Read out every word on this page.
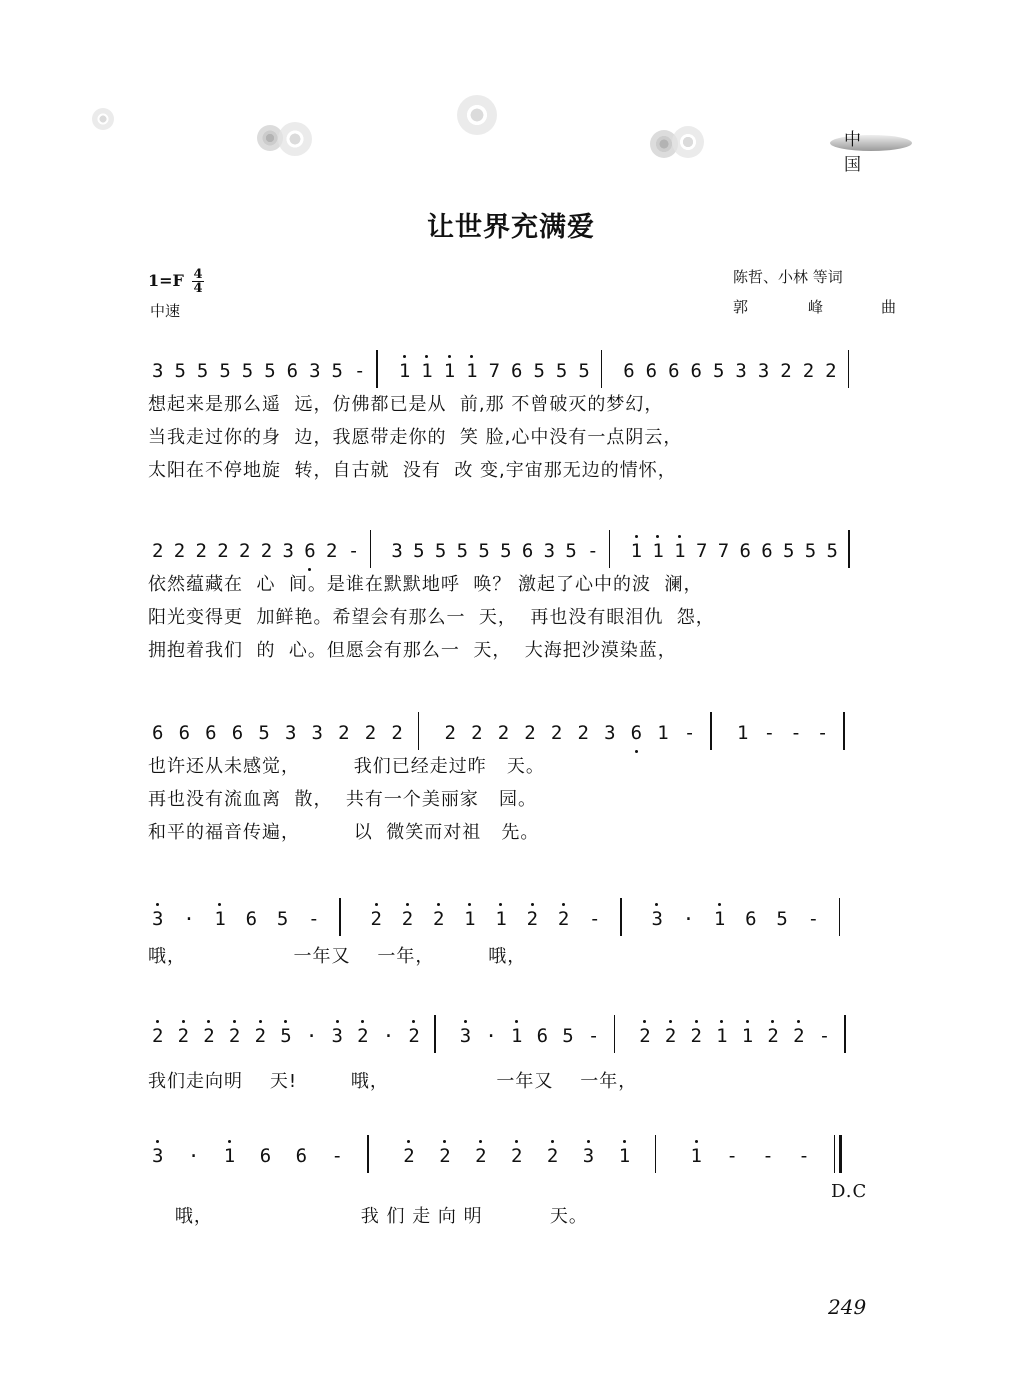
中 国
让世界充满爱
$1=F \frac{4}{4}$
中速
陈哲、小林 等词
郭	峰	曲
3 5 5 5 5 5 6 3 5 - 1 1 1 1 7 6 5 5 5 6 6 6 6 5 3 3 2 2 2
想起来是那么遥  远，仿佛都已是从  前,那 不曾破灭的梦幻，
当我走过你的身  边，我愿带走你的  笑 脸,心中没有一点阴云，
太阳在不停地旋  转，自古就  没有  改 变,宇宙那无边的情怀，
2 2 2 2 2 2 3 6 2 - 3 5 5 5 5 5 6 3 5 - 1 1 1 7 7 6 6 5 5 5
依然蕴藏在  心  间。是谁在默默地呼  唤？ 激起了心中的波  澜，
阳光变得更  加鲜艳。希望会有那么一  天，  再也没有眼泪仇  怨，
拥抱着我们  的  心。但愿会有那么一  天，  大海把沙漠染蓝，
6 6 6 6 5 3 3 2 2 2 2 2 2 2 2 2 3 6 1 - 1 - - -
也许还从未感觉，        我们已经走过昨   天。
再也没有流血离  散，  共有一个美丽家   园。
和平的福音传遍，        以  微笑而对祖   先。
3 · 1 6 5 -	2 2 2 1 1 2 2 -	3 · 1 6 5 -
哦，                一年又    一年，        哦，
2 2 2 2 2 5 · 3 2 · 2 3 · 1 6 5 - 2 2 2 1 1 2 2 -
我们走向明    天!        哦，                一年又    一年，
3 · 1 6 6 -	2 2 2 2 2 3 1	1 - - -

哦，                      我 们 走 向 明          天。

D.C

249
